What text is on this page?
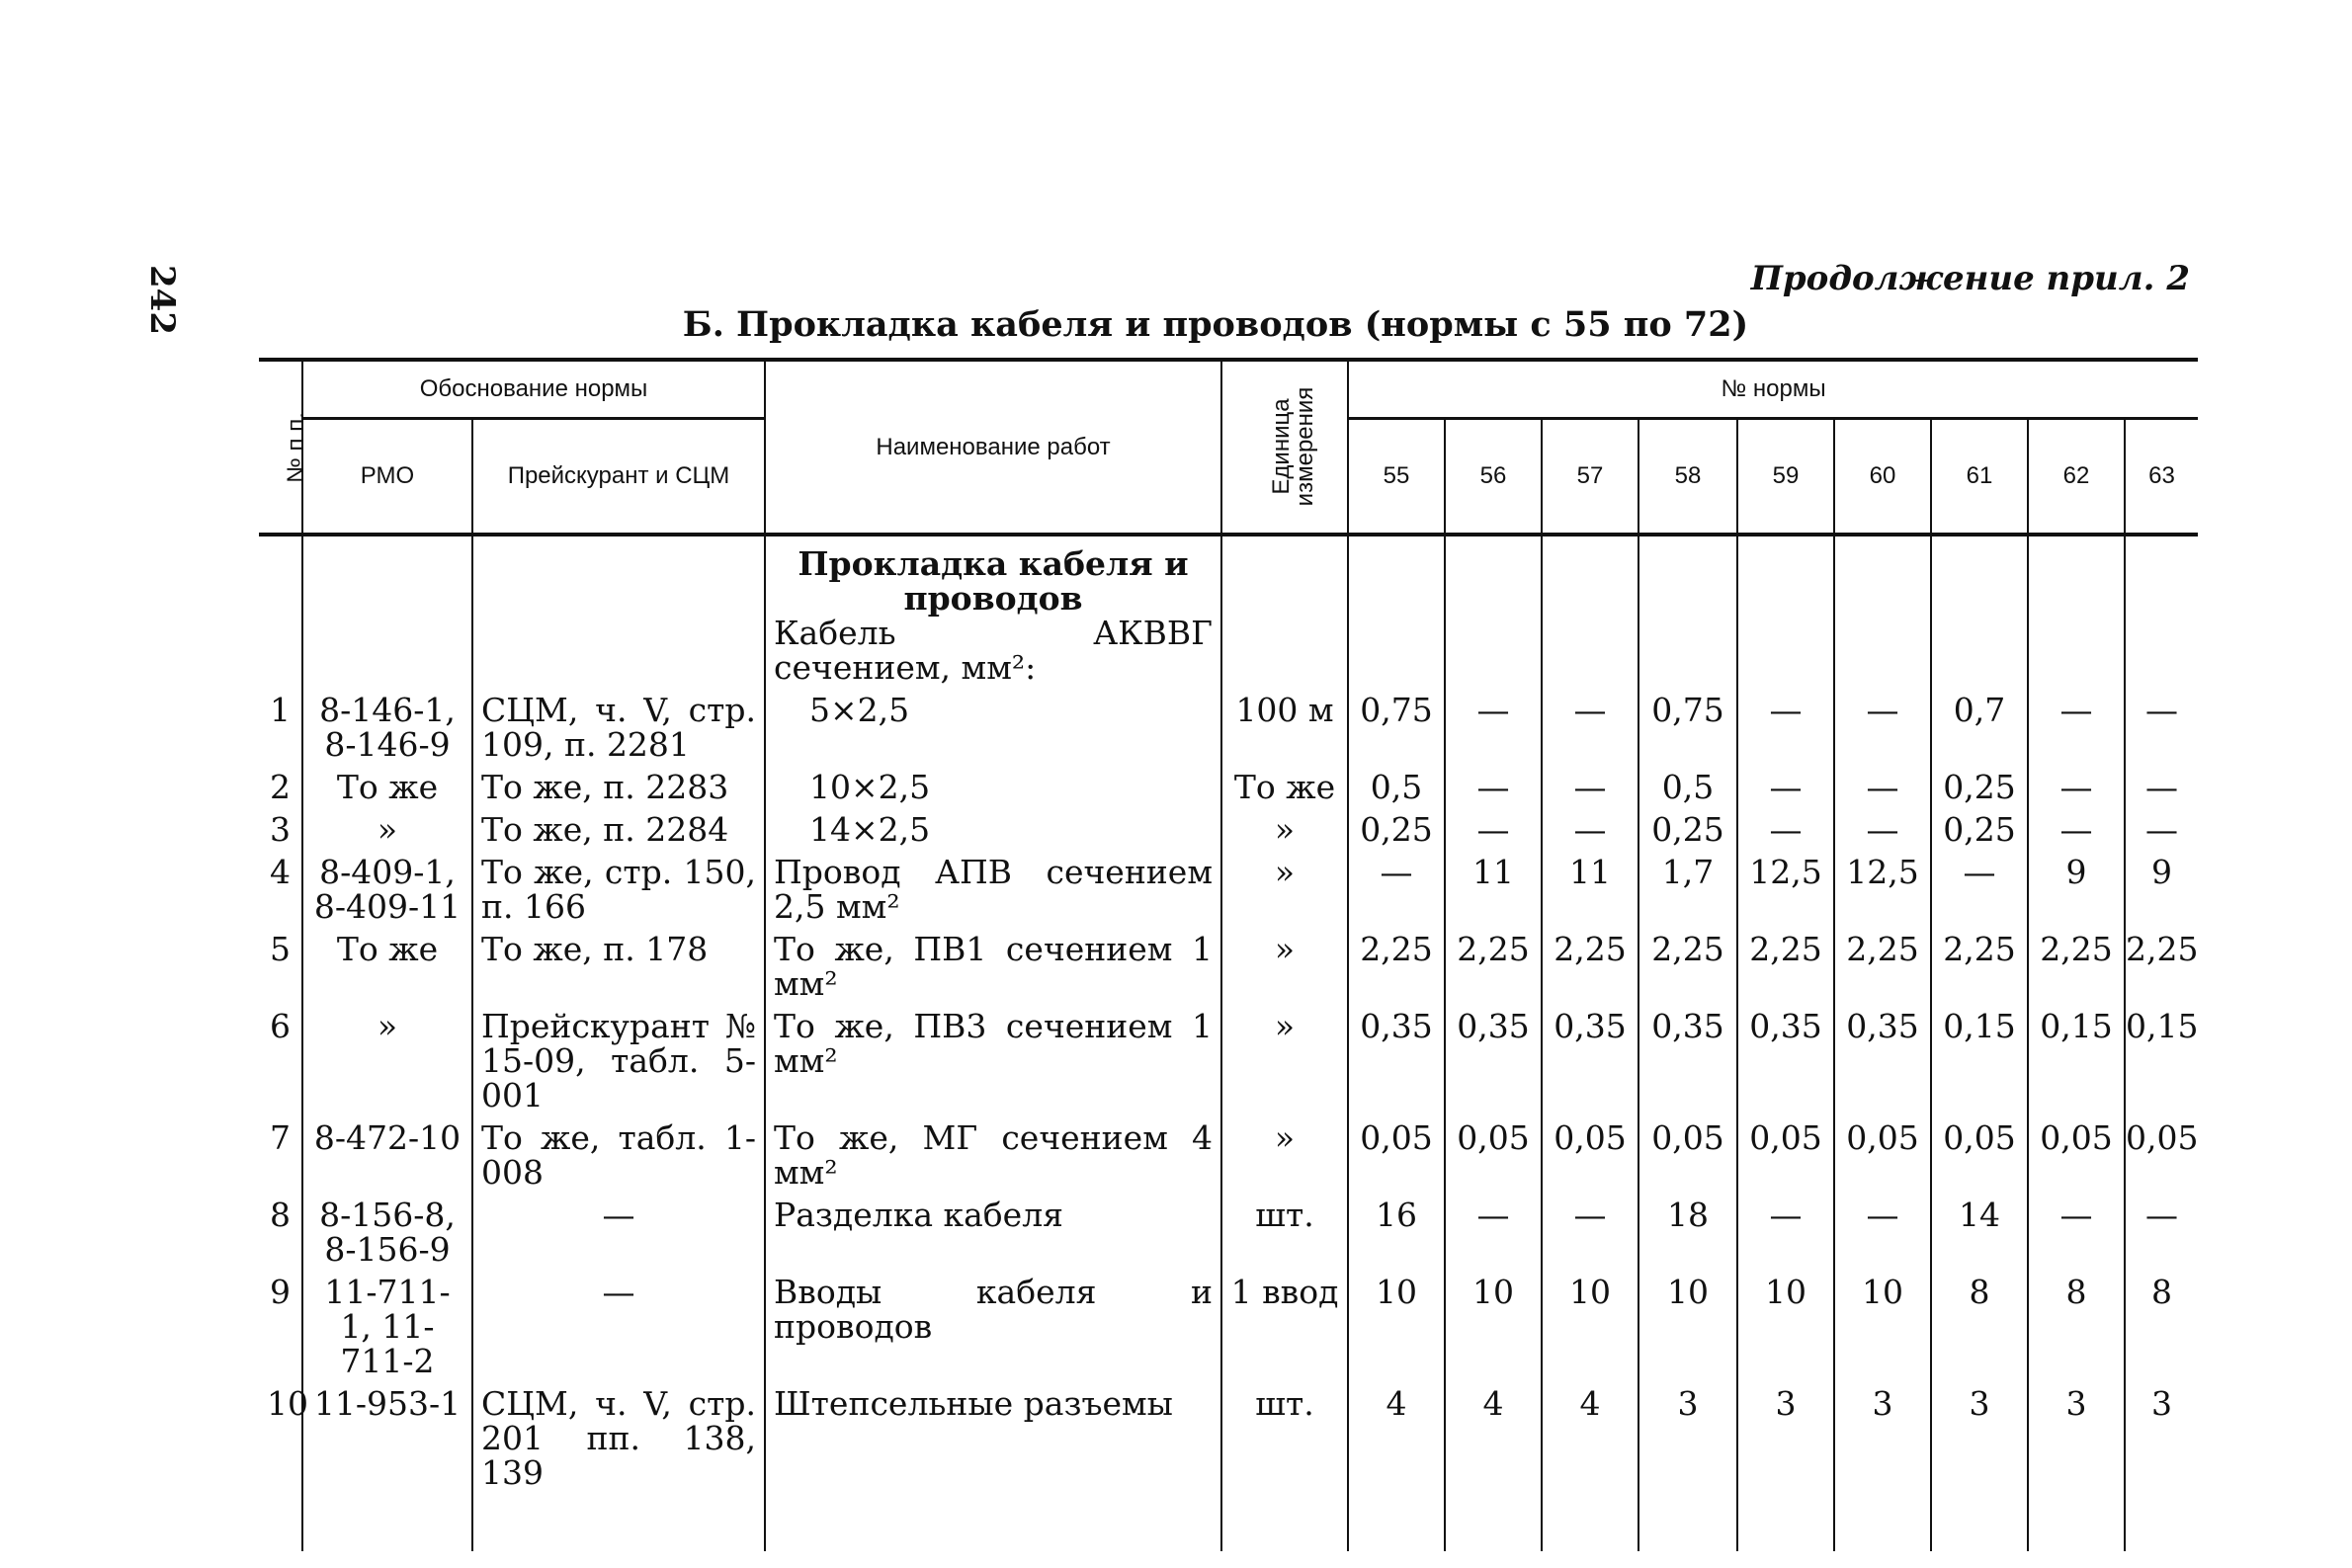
242	Продолжение прил. 2
Б. Прокладка кабеля и проводов (нормы с 55 по 72)
№ п п.	Обоснование нормы		Наименование работ	Единица измерения	№ нормы								
	РМО	Прейскурант и СЦМ			55	56	57	58	59	60	61	62	63

			Прокладка кабеля и проводов
Кабель АКВВГ сечением, мм²:										
1	8-146-1, 8-146-9	СЦМ, ч. V, стр. 109, п. 2281	5×2,5	100 м	0,75	—	—	0,75	—	—	0,7	—	—
2	То же	То же, п. 2283	10×2,5	То же	0,5	—	—	0,5	—	—	0,25	—	—
3	»	То же, п. 2284	14×2,5	»	0,25	—	—	0,25	—	—	0,25	—	—
4	8-409-1, 8-409-11	То же, стр. 150, п. 166	Провод АПВ сечением 2,5 мм²	»	—	11	11	1,7	12,5	12,5	—	9	9
5	То же	То же, п. 178	То же, ПВ1 сечением 1 мм²	»	2,25	2,25	2,25	2,25	2,25	2,25	2,25	2,25	2,25
6	»	Прейскурант № 15-09, табл. 5-001	То же, ПВ3 сечением 1 мм²	»	0,35	0,35	0,35	0,35	0,35	0,35	0,15	0,15	0,15
7	8-472-10	То же, табл. 1-008	То же, МГ сечением 4 мм²	»	0,05	0,05	0,05	0,05	0,05	0,05	0,05	0,05	0,05
8	8-156-8, 8-156-9	—	Разделка кабеля	шт.	16	—	—	18	—	—	14	—	—
9	11-711-1, 11-711-2	—	Вводы кабеля и проводов	1 ввод	10	10	10	10	10	10	8	8	8
10	11-953-1	СЦМ, ч. V, стр. 201 пп. 138, 139	Штепсельные разъемы	шт.	4	4	4	3	3	3	3	3	3
